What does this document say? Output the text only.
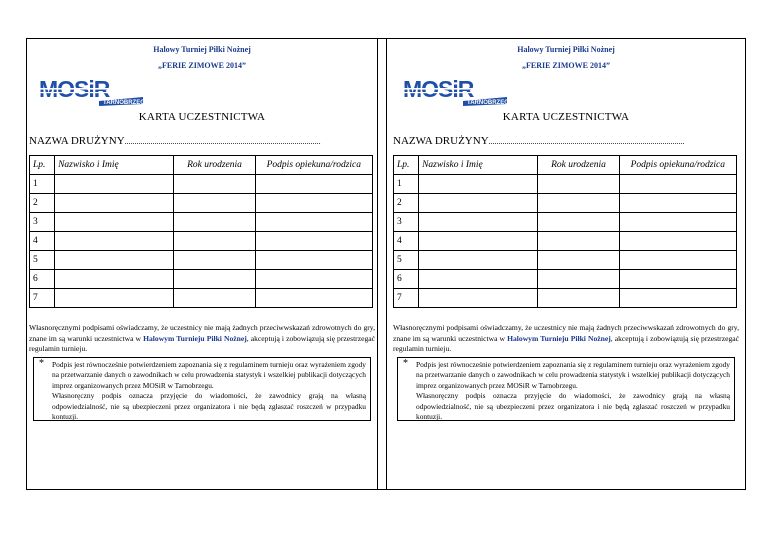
Halowy Turniej Piłki Nożnej
„FERIE ZIMOWE 2014”
TARNOBRZEG
KARTA UCZESTNICTWA
NAZWA DRUŻYNY..................................................................................................
Lp.	Nazwisko i Imię	Rok urodzenia	Podpis opiekuna/rodzica
1			
2			
3			
4			
5			
6			
7			
Własnoręcznymi podpisami oświadczamy, że uczestnicy nie mają żadnych przeciwwskazań zdrowotnych do gry, znane im są warunki uczestnictwa w Halowym Turnieju Piłki Nożnej, akceptują i zobowiązują się przestrzegać regulamin turnieju.
* Podpis jest równocześnie potwierdzeniem zapoznania się z regulaminem turnieju oraz wyrażeniem zgody na przetwarzanie danych o zawodnikach w celu prowadzenia statystyk i wszelkiej publikacji dotyczących imprez organizowanych przez MOSiR w Tarnobrzegu.

Własnoręczny podpis oznacza przyjęcie do wiadomości, że zawodnicy grają na własną odpowiedzialność, nie są ubezpieczeni przez organizatora i nie będą zgłaszać roszczeń w przypadku kontuzji.

Halowy Turniej Piłki Nożnej
„FERIE ZIMOWE 2014”
TARNOBRZEG
KARTA UCZESTNICTWA
NAZWA DRUŻYNY..................................................................................................
Lp.	Nazwisko i Imię	Rok urodzenia	Podpis opiekuna/rodzica
1			
2			
3			
4			
5			
6			
7			
Własnoręcznymi podpisami oświadczamy, że uczestnicy nie mają żadnych przeciwwskazań zdrowotnych do gry, znane im są warunki uczestnictwa w Halowym Turnieju Piłki Nożnej, akceptują i zobowiązują się przestrzegać regulamin turnieju.
* Podpis jest równocześnie potwierdzeniem zapoznania się z regulaminem turnieju oraz wyrażeniem zgody na przetwarzanie danych o zawodnikach w celu prowadzenia statystyk i wszelkiej publikacji dotyczących imprez organizowanych przez MOSiR w Tarnobrzegu.

Własnoręczny podpis oznacza przyjęcie do wiadomości, że zawodnicy grają na własną odpowiedzialność, nie są ubezpieczeni przez organizatora i nie będą zgłaszać roszczeń w przypadku kontuzji.
